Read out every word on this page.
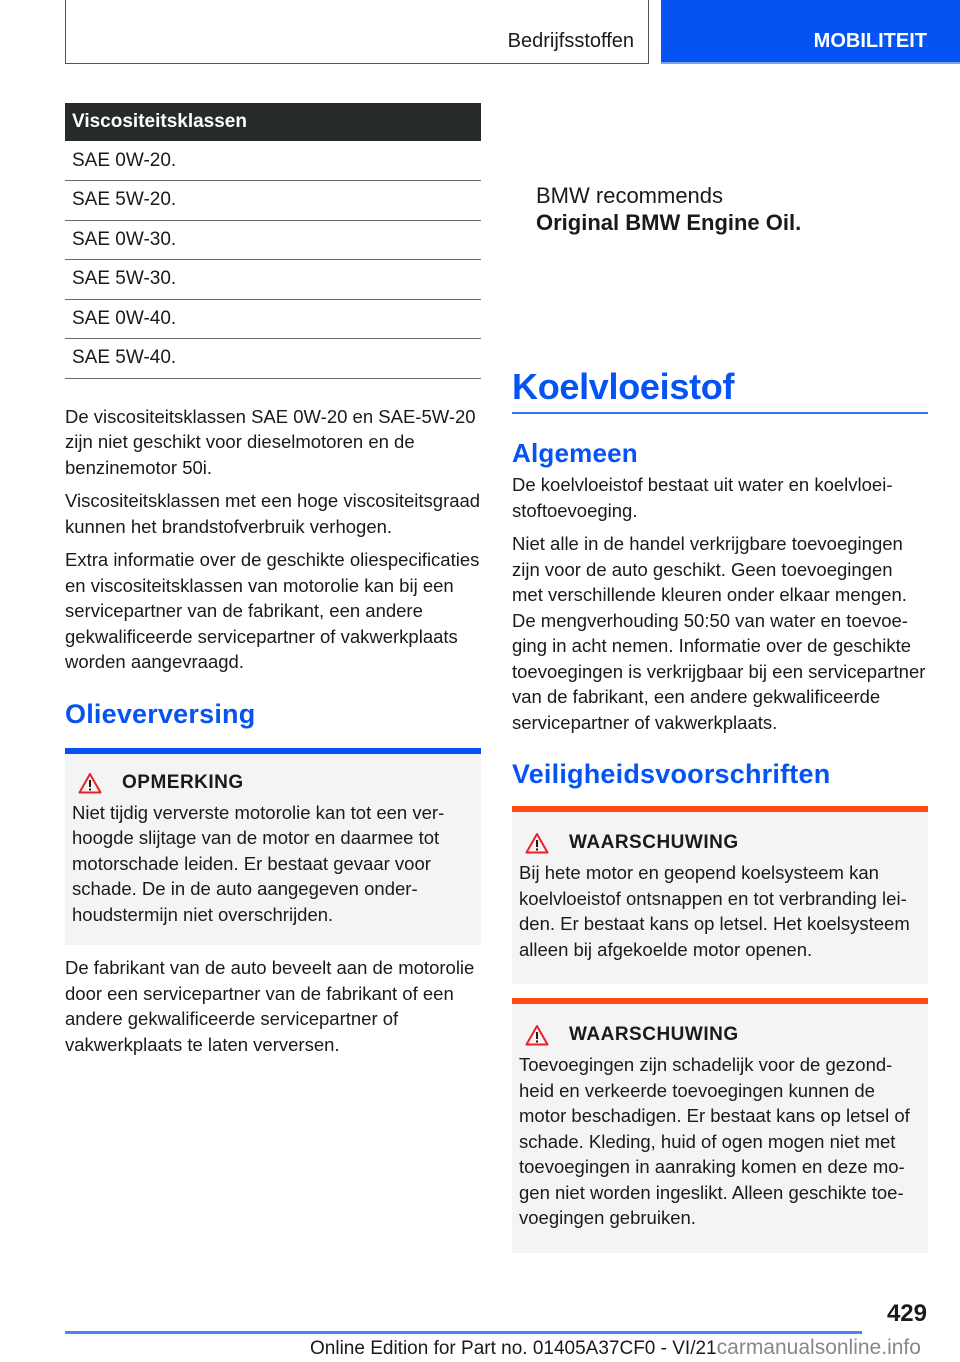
Bedrijfsstoffen	MOBILITEIT
Viscositeitsklassen
SAE 0W-20.
SAE 5W-20.
SAE 0W-30.
SAE 5W-30.
SAE 0W-40.
SAE 5W-40.

De viscositeitsklassen SAE 0W-20 en SAE-5W-20 zijn niet geschikt voor dieselmotoren en de benzinemotor 50i.

Viscositeitsklassen met een hoge viscositeitsgraad kunnen het brandstofverbruik verhogen.

Extra informatie over de geschikte oliespecificaties en viscositeitsklassen van motorolie kan bij een servicepartner van de fabrikant, een andere gekwalificeerde servicepartner of vakwerkplaats worden aangevraagd.

Olieverversing
OPMERKING
Niet tijdig ververste motorolie kan tot een verhoogde slijtage van de motor en daarmee tot motorschade leiden. Er bestaat gevaar voor schade. De in de auto aangegeven onderhoudstermijn niet overschrijden.

De fabrikant van de auto beveelt aan de motorolie door een servicepartner van de fabrikant of een andere gekwalificeerde servicepartner of vakwerkplaats te laten verversen.

BMW recommends
Original BMW Engine Oil.
Koelvloeistof
Algemeen

De koelvloeistof bestaat uit water en koelvloeistoftoevoeging.

Niet alle in de handel verkrijgbare toevoegingen zijn voor de auto geschikt. Geen toevoegingen met verschillende kleuren onder elkaar mengen. De mengverhouding 50:50 van water en toevoeging in acht nemen. Informatie over de geschikte toevoegingen is verkrijgbaar bij een servicepartner van de fabrikant, een andere gekwalificeerde servicepartner of vakwerkplaats.

Veiligheidsvoorschriften
WAARSCHUWING
Bij hete motor en geopend koelsysteem kan koelvloeistof ontsnappen en tot verbranding leiden. Er bestaat kans op letsel. Het koelsysteem alleen bij afgekoelde motor openen.
WAARSCHUWING
Toevoegingen zijn schadelijk voor de gezondheid en verkeerde toevoegingen kunnen de motor beschadigen. Er bestaat kans op letsel of schade. Kleding, huid of ogen mogen niet met toevoegingen in aanraking komen en deze mogen niet worden ingeslikt. Alleen geschikte toevoegingen gebruiken.
429
Online Edition for Part no. 01405A37CF0 - VI/21carmanualsonline.info
